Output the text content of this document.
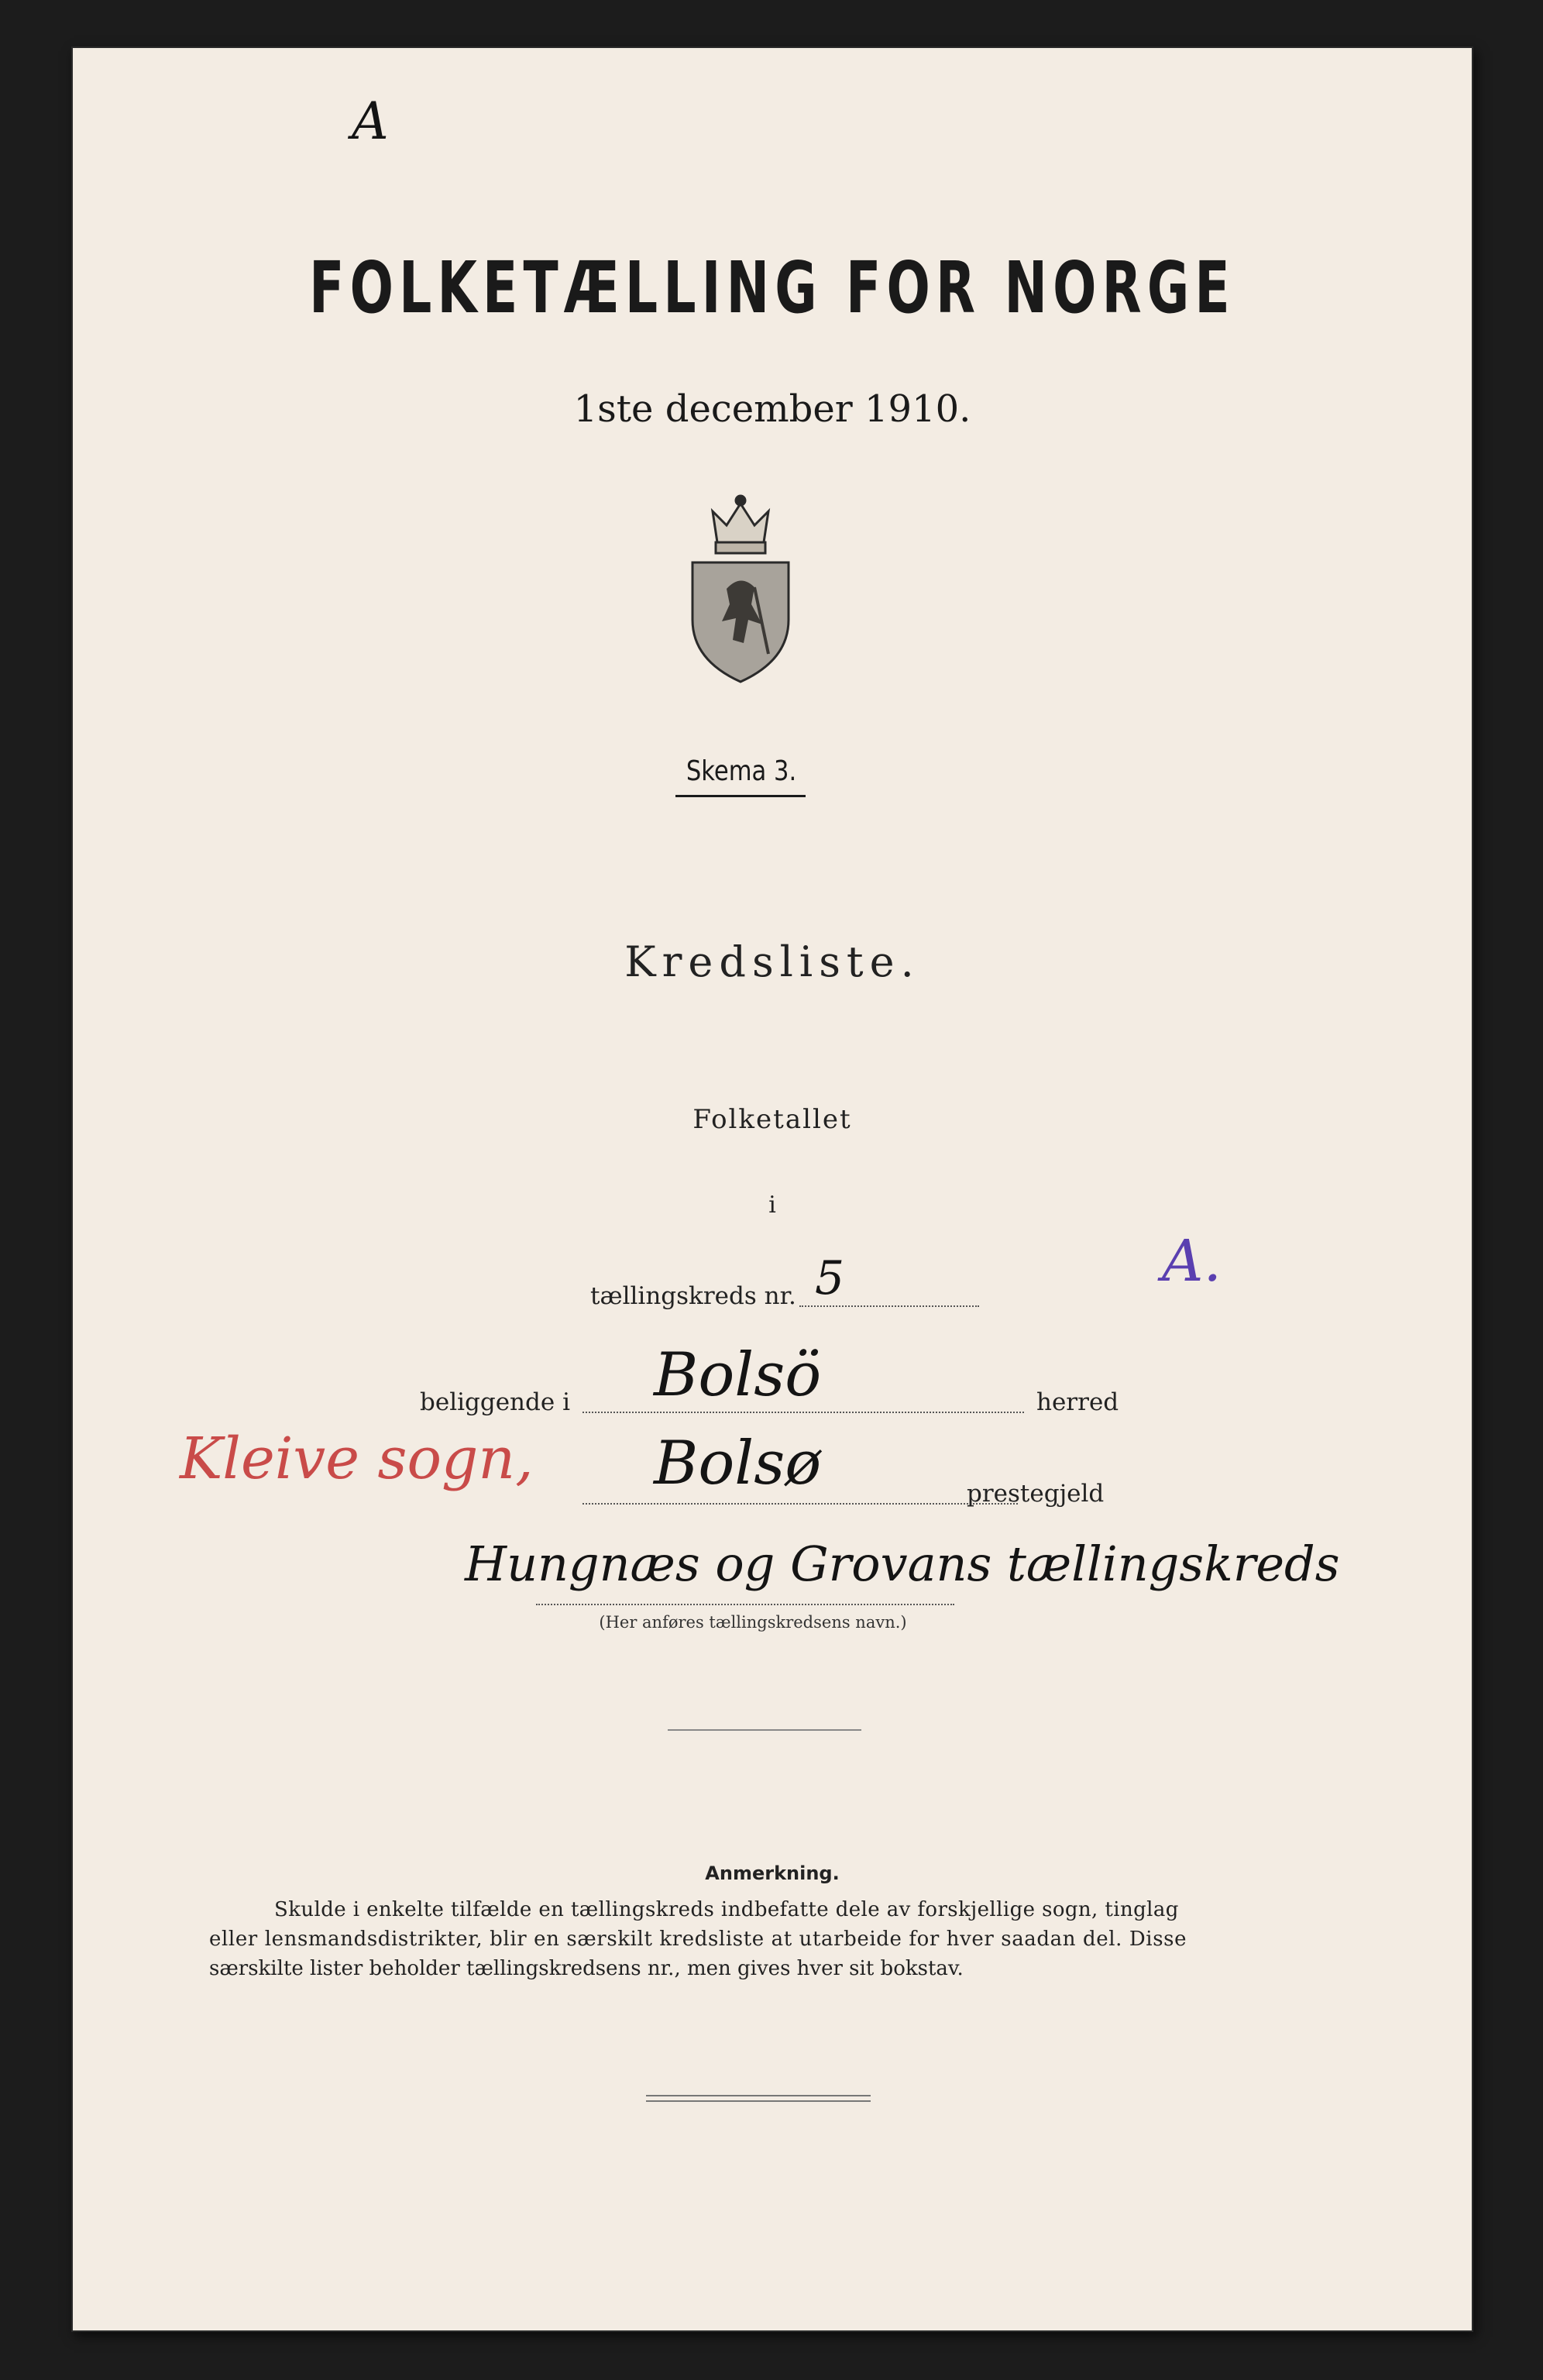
A
FOLKETÆLLING FOR NORGE
1ste december 1910.
Skema 3.
Kredsliste.
Folketallet
i
tællingskreds nr. 5	A.
beliggende i Bolsö	herred
Kleive sogn, Bolsø	prestegjeld
Hungnæs og Grovans tællingskreds
(Her anføres tællingskredsens navn.)
Anmerkning.
Skulde i enkelte tilfælde en tællingskreds indbefatte dele av forskjellige sogn, tinglag
eller lensmandsdistrikter, blir en særskilt kredsliste at utarbeide for hver saadan del. Disse
særskilte lister beholder tællingskredsens nr., men gives hver sit bokstav.
